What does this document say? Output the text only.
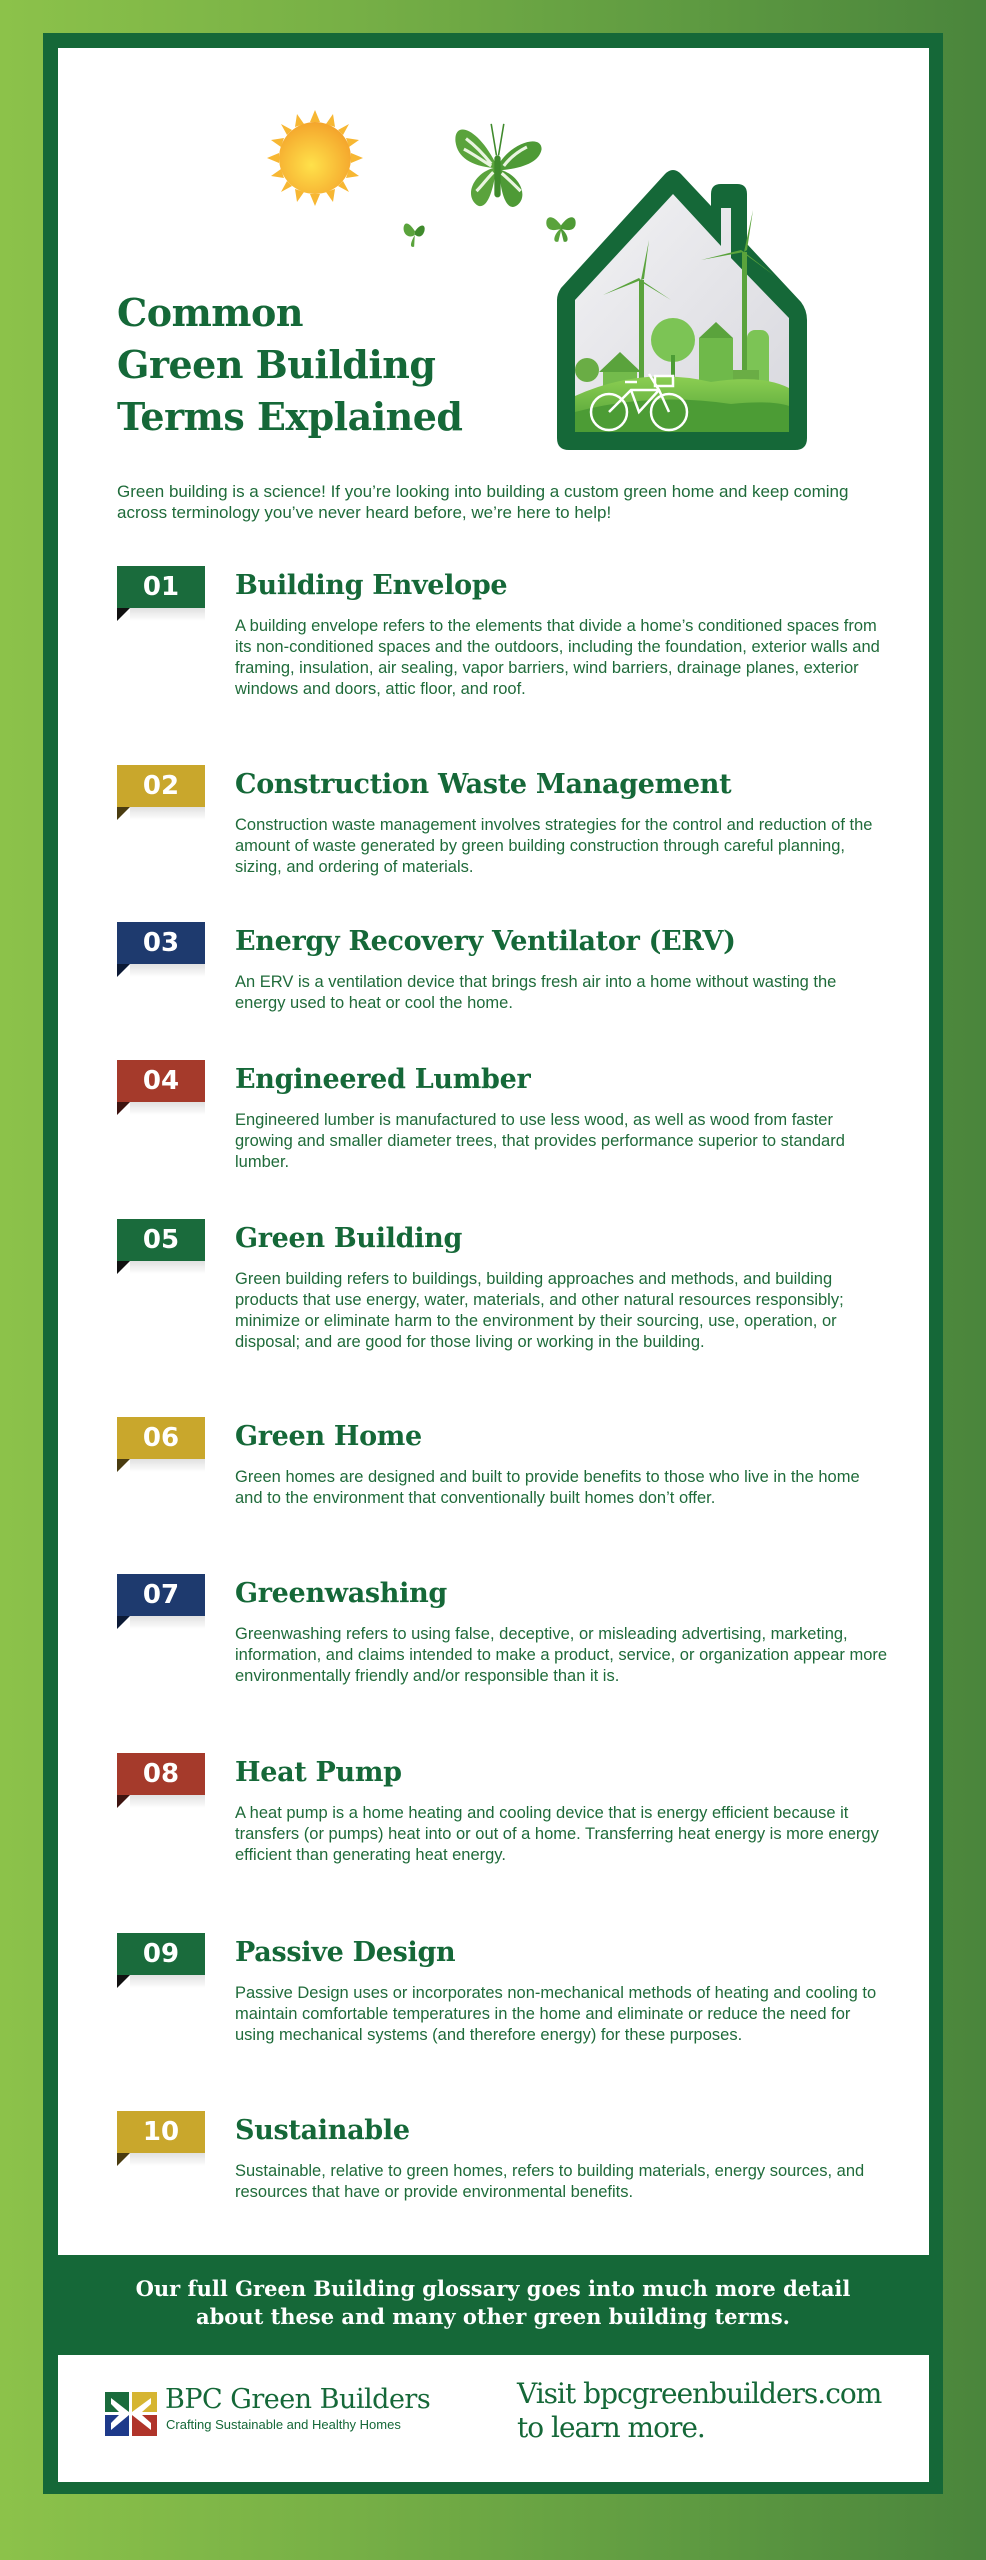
Common
Green Building
Terms Explained

Green building is a science! If you’re looking into building a custom green home and keep coming across terminology you’ve never heard before, we’re here to help!

01	Building Envelope

A building envelope refers to the elements that divide a home’s conditioned spaces from its non-conditioned spaces and the outdoors, including the foundation, exterior walls and framing, insulation, air sealing, vapor barriers, wind barriers, drainage planes, exterior windows and doors, attic floor, and roof.

02	Construction Waste Management

Construction waste management involves strategies for the control and reduction of the amount of waste generated by green building construction through careful planning, sizing, and ordering of materials.

03	Energy Recovery Ventilator (ERV)

An ERV is a ventilation device that brings fresh air into a home without wasting the energy used to heat or cool the home.

04	Engineered Lumber

Engineered lumber is manufactured to use less wood, as well as wood from faster growing and smaller diameter trees, that provides performance superior to standard lumber.

05	Green Building

Green building refers to buildings, building approaches and methods, and building products that use energy, water, materials, and other natural resources responsibly; minimize or eliminate harm to the environment by their sourcing, use, operation, or disposal; and are good for those living or working in the building.

06	Green Home

Green homes are designed and built to provide benefits to those who live in the home and to the environment that conventionally built homes don’t offer.

07	Greenwashing

Greenwashing refers to using false, deceptive, or misleading advertising, marketing, information, and claims intended to make a product, service, or organization appear more environmentally friendly and/or responsible than it is.

08	Heat Pump

A heat pump is a home heating and cooling device that is energy efficient because it transfers (or pumps) heat into or out of a home. Transferring heat energy is more energy efficient than generating heat energy.

09	Passive Design

Passive Design uses or incorporates non-mechanical methods of heating and cooling to maintain comfortable temperatures in the home and eliminate or reduce the need for using mechanical systems (and therefore energy) for these purposes.

10	Sustainable

Sustainable, relative to green homes, refers to building materials, energy sources, and resources that have or provide environmental benefits.

Our full Green Building glossary goes into much more detail
about these and many other green building terms.
BPC Green Builders
Crafting Sustainable and Healthy Homes
Visit bpcgreenbuilders.com
to learn more.
